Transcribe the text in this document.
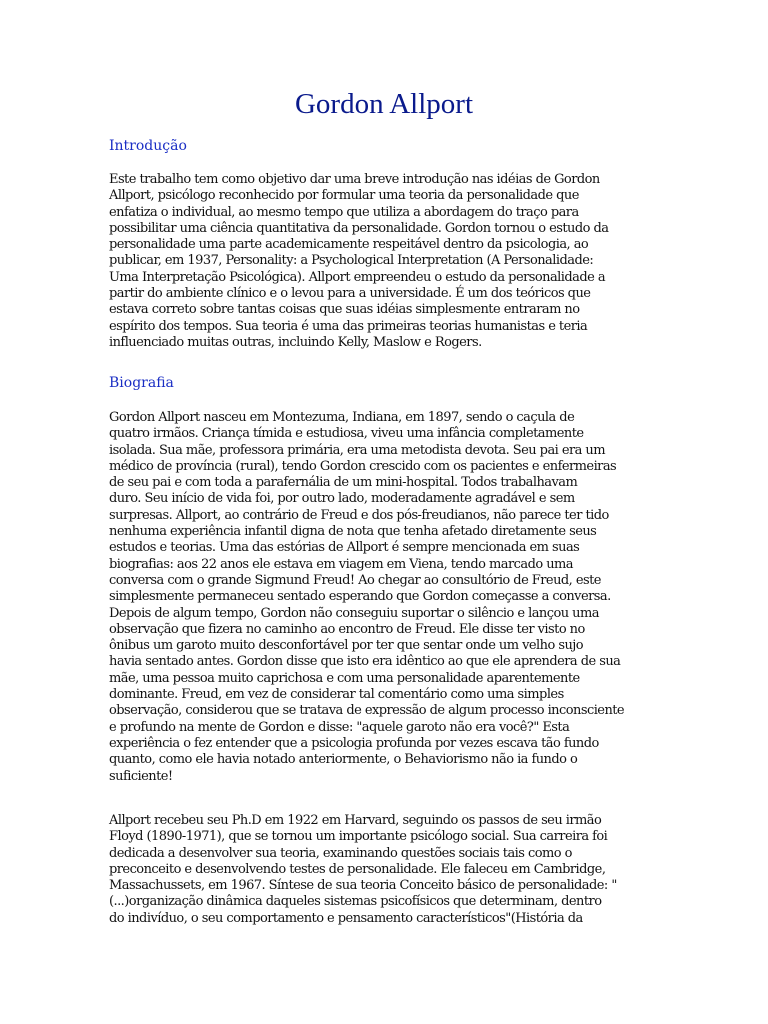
Gordon Allport
Introdução
Este trabalho tem como objetivo dar uma breve introdução nas idéias de Gordon
Allport, psicólogo reconhecido por formular uma teoria da personalidade que
enfatiza o individual, ao mesmo tempo que utiliza a abordagem do traço para
possibilitar uma ciência quantitativa da personalidade. Gordon tornou o estudo da
personalidade uma parte academicamente respeitável dentro da psicologia, ao
publicar, em 1937, Personality: a Psychological Interpretation (A Personalidade:
Uma Interpretação Psicológica). Allport empreendeu o estudo da personalidade a
partir do ambiente clínico e o levou para a universidade. É um dos teóricos que
estava correto sobre tantas coisas que suas idéias simplesmente entraram no
espírito dos tempos. Sua teoria é uma das primeiras teorias humanistas e teria
influenciado muitas outras, incluindo Kelly, Maslow e Rogers.
Biografia
Gordon Allport nasceu em Montezuma, Indiana, em 1897, sendo o caçula de
quatro irmãos. Criança tímida e estudiosa, viveu uma infância completamente
isolada. Sua mãe, professora primária, era uma metodista devota. Seu pai era um
médico de província (rural), tendo Gordon crescido com os pacientes e enfermeiras
de seu pai e com toda a parafernália de um mini-hospital. Todos trabalhavam
duro. Seu início de vida foi, por outro lado, moderadamente agradável e sem
surpresas. Allport, ao contrário de Freud e dos pós-freudianos, não parece ter tido
nenhuma experiência infantil digna de nota que tenha afetado diretamente seus
estudos e teorias. Uma das estórias de Allport é sempre mencionada em suas
biografias: aos 22 anos ele estava em viagem em Viena, tendo marcado uma
conversa com o grande Sigmund Freud! Ao chegar ao consultório de Freud, este
simplesmente permaneceu sentado esperando que Gordon começasse a conversa.
Depois de algum tempo, Gordon não conseguiu suportar o silêncio e lançou uma
observação que fizera no caminho ao encontro de Freud. Ele disse ter visto no
ônibus um garoto muito desconfortável por ter que sentar onde um velho sujo
havia sentado antes. Gordon disse que isto era idêntico ao que ele aprendera de sua
mãe, uma pessoa muito caprichosa e com uma personalidade aparentemente
dominante. Freud, em vez de considerar tal comentário como uma simples
observação, considerou que se tratava de expressão de algum processo inconsciente
e profundo na mente de Gordon e disse: "aquele garoto não era você?" Esta
experiência o fez entender que a psicologia profunda por vezes escava tão fundo
quanto, como ele havia notado anteriormente, o Behaviorismo não ia fundo o
suficiente!
Allport recebeu seu Ph.D em 1922 em Harvard, seguindo os passos de seu irmão
Floyd (1890-1971), que se tornou um importante psicólogo social. Sua carreira foi
dedicada a desenvolver sua teoria, examinando questões sociais tais como o
preconceito e desenvolvendo testes de personalidade. Ele faleceu em Cambridge,
Massachussets, em 1967. Síntese de sua teoria Conceito básico de personalidade: "
(...)organização dinâmica daqueles sistemas psicofísicos que determinam, dentro
do indivíduo, o seu comportamento e pensamento característicos"(História da
